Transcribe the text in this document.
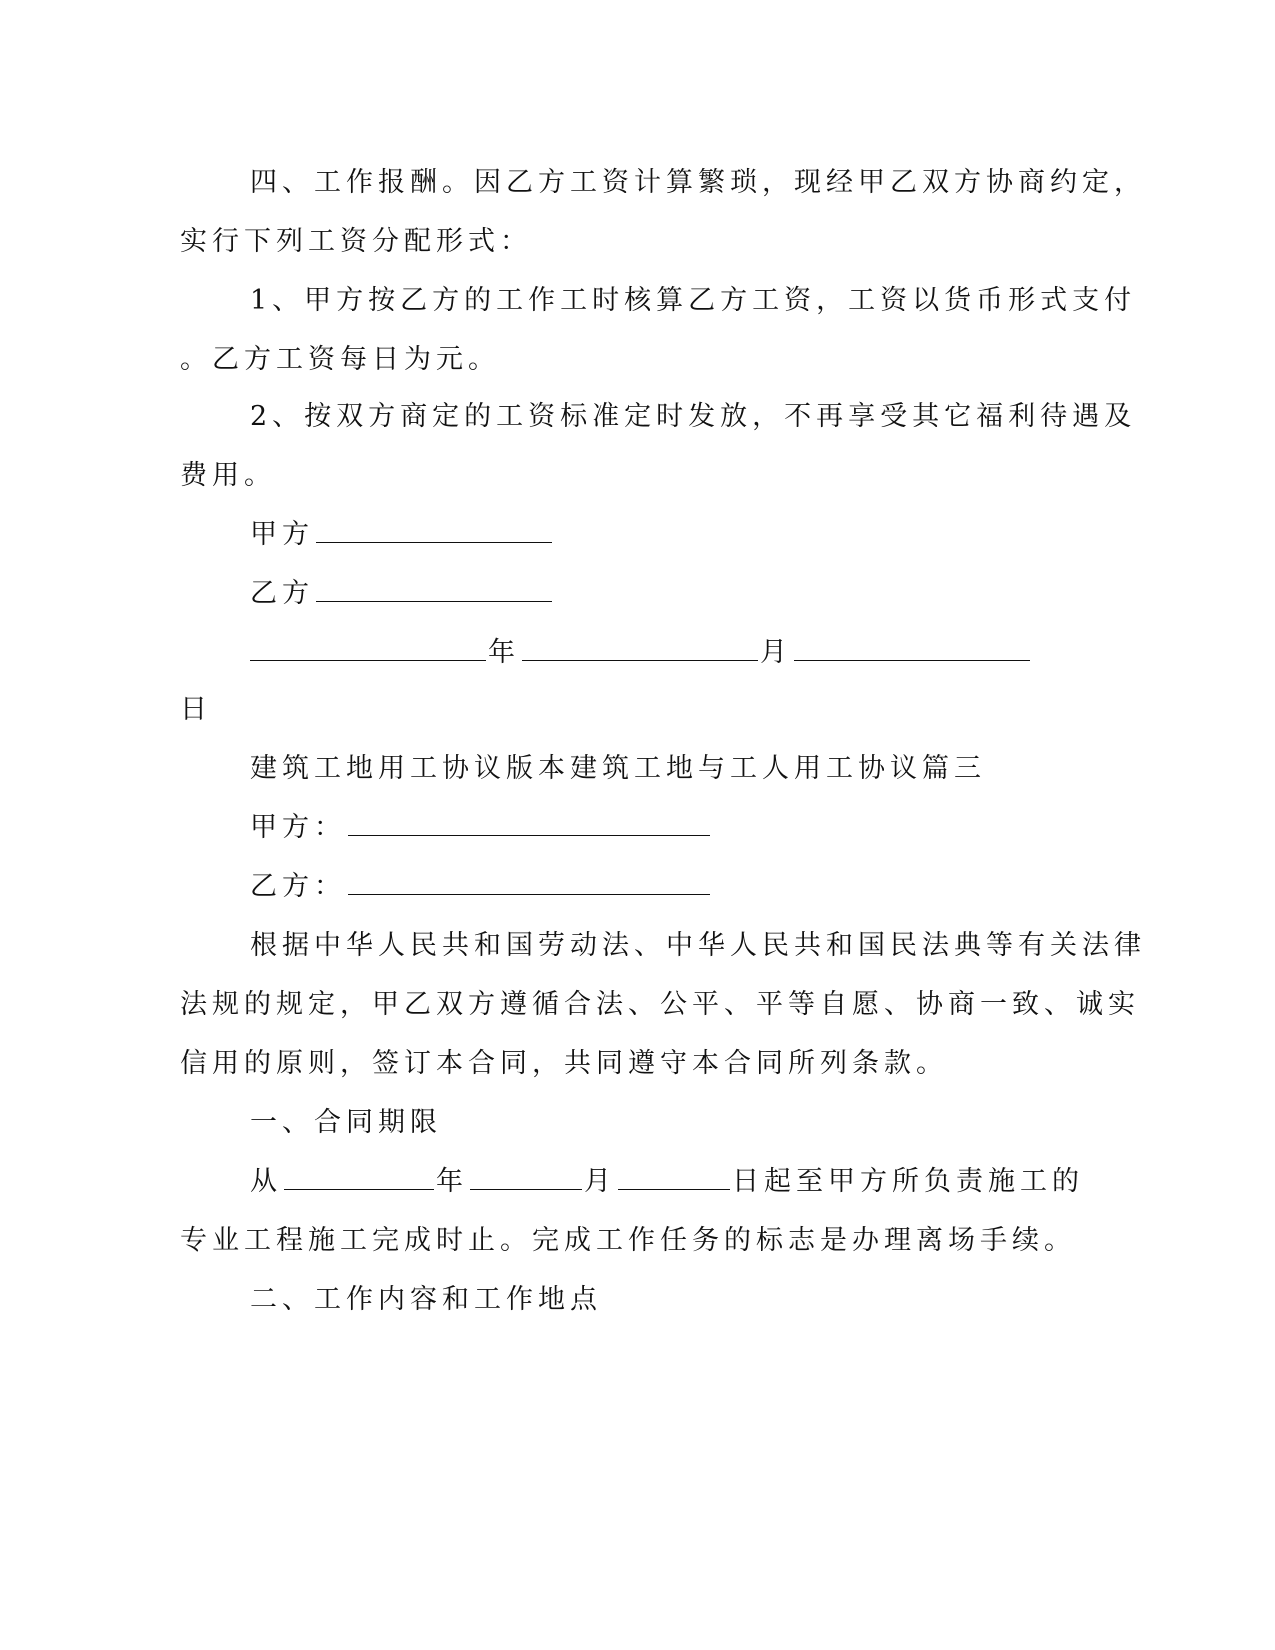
四、工作报酬。因乙方工资计算繁琐，现经甲乙双方协商约定，
实行下列工资分配形式：
1、甲方按乙方的工作工时核算乙方工资，工资以货币形式支付
。乙方工资每日为元。
2、按双方商定的工资标准定时发放，不再享受其它福利待遇及
费用。
甲方
乙方
年	月
日
建筑工地用工协议版本建筑工地与工人用工协议篇三
甲方：
乙方：
根据中华人民共和国劳动法、中华人民共和国民法典等有关法律
法规的规定，甲乙双方遵循合法、公平、平等自愿、协商一致、诚实
信用的原则，签订本合同，共同遵守本合同所列条款。
一、合同期限
从	年	月	日起至甲方所负责施工的
专业工程施工完成时止。完成工作任务的标志是办理离场手续。
二、工作内容和工作地点
